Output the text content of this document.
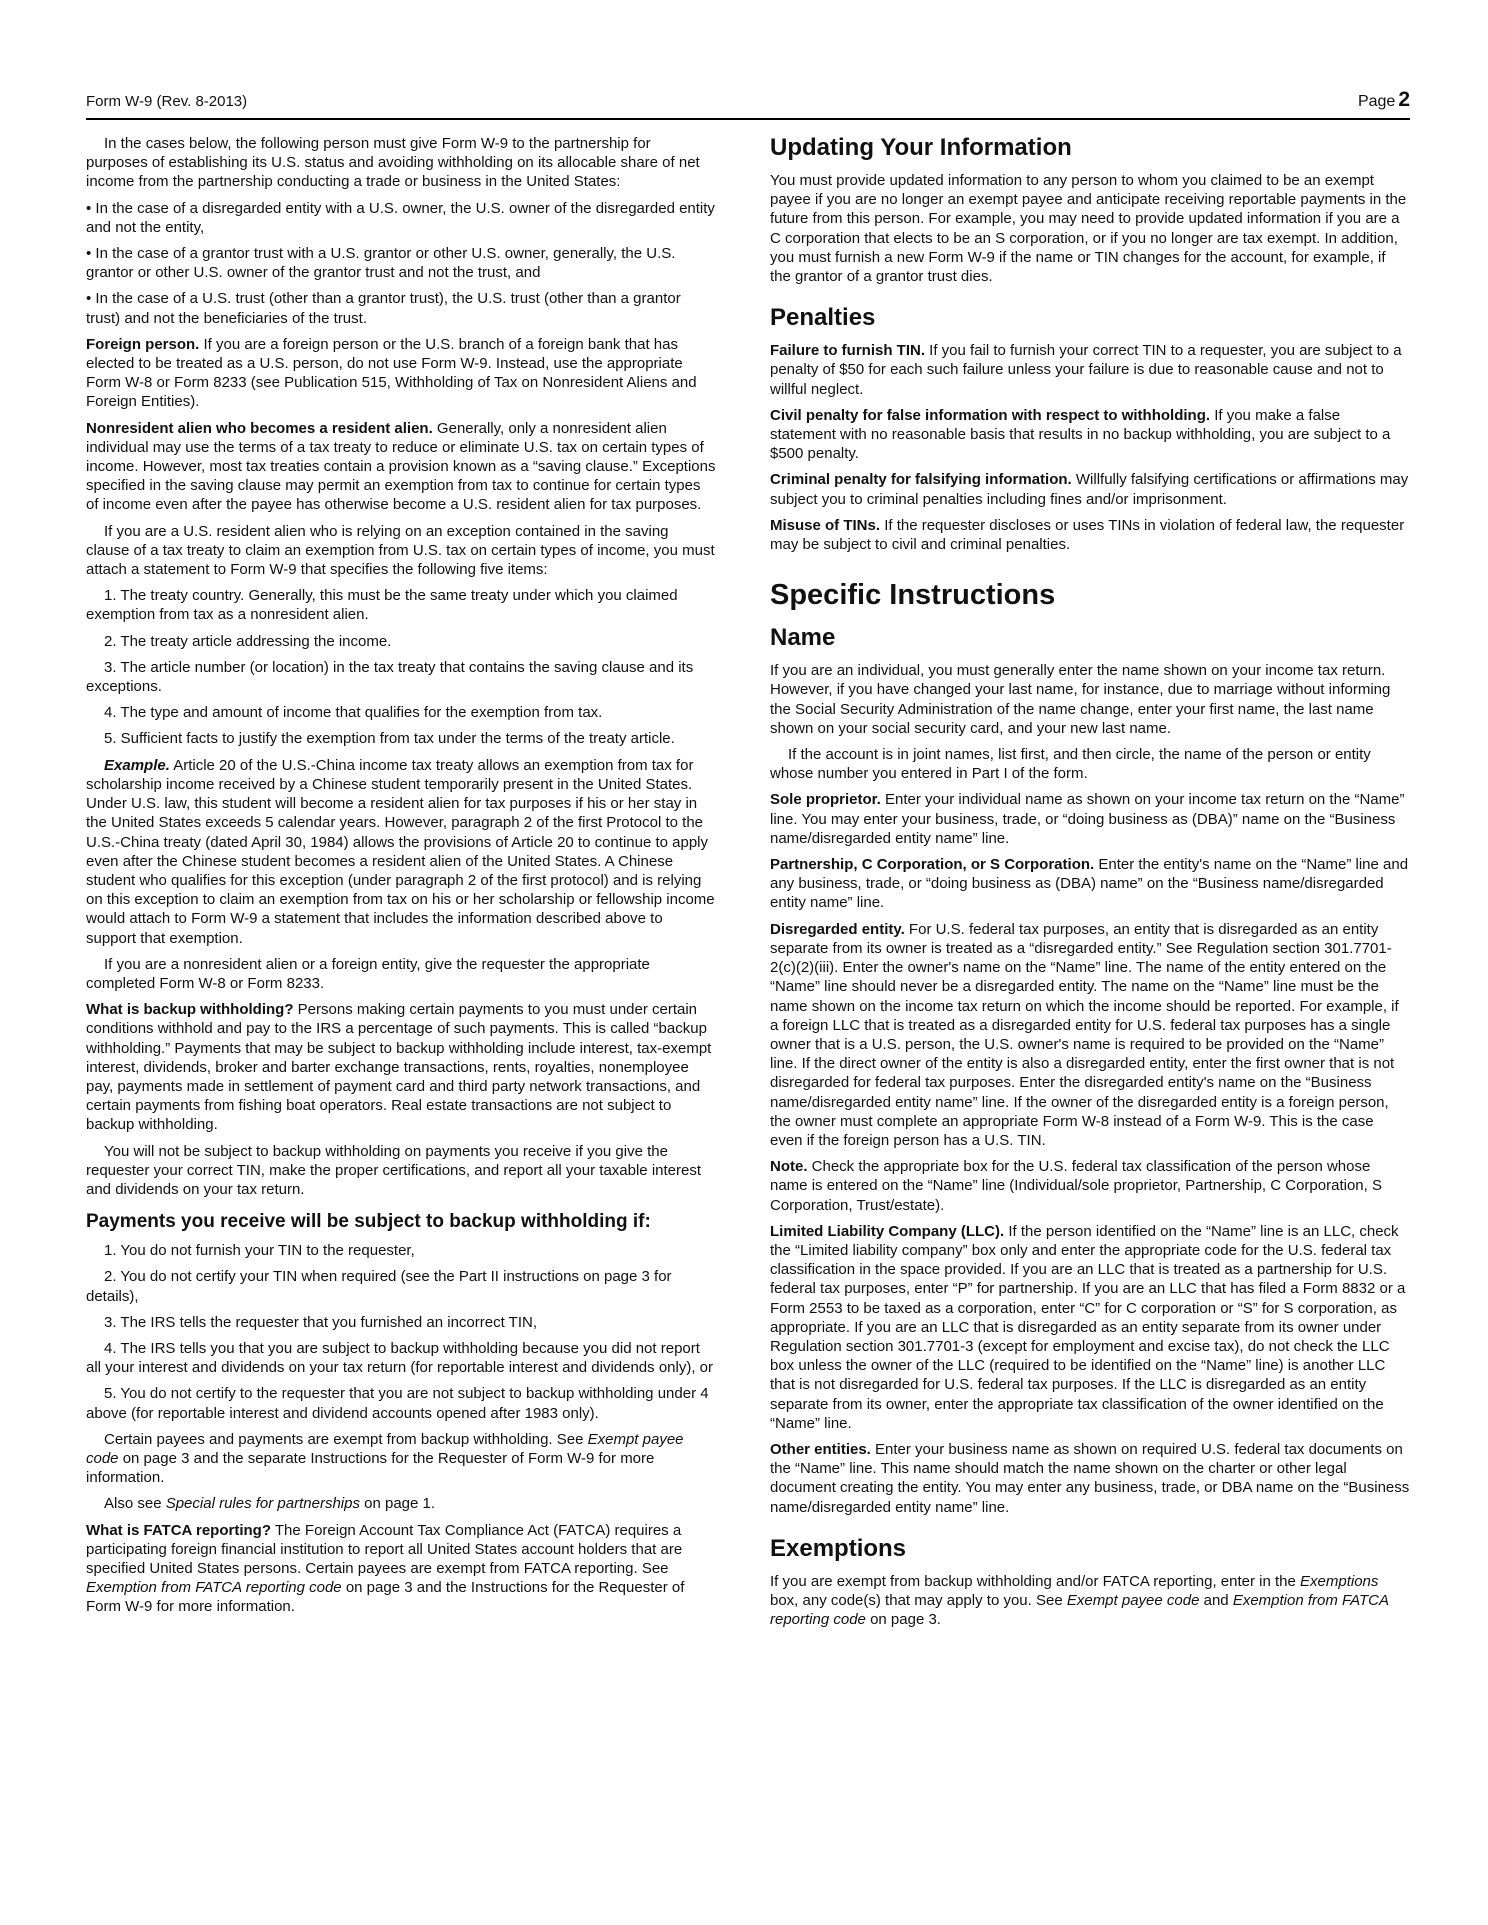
Form W-9 (Rev. 8-2013)	Page 2

In the cases below, the following person must give Form W-9 to the partnership for purposes of establishing its U.S. status and avoiding withholding on its allocable share of net income from the partnership conducting a trade or business in the United States:

• In the case of a disregarded entity with a U.S. owner, the U.S. owner of the disregarded entity and not the entity,

• In the case of a grantor trust with a U.S. grantor or other U.S. owner, generally, the U.S. grantor or other U.S. owner of the grantor trust and not the trust, and

• In the case of a U.S. trust (other than a grantor trust), the U.S. trust (other than a grantor trust) and not the beneficiaries of the trust.

Foreign person. If you are a foreign person or the U.S. branch of a foreign bank that has elected to be treated as a U.S. person, do not use Form W-9. Instead, use the appropriate Form W-8 or Form 8233 (see Publication 515, Withholding of Tax on Nonresident Aliens and Foreign Entities).

Nonresident alien who becomes a resident alien. Generally, only a nonresident alien individual may use the terms of a tax treaty to reduce or eliminate U.S. tax on certain types of income. However, most tax treaties contain a provision known as a “saving clause.” Exceptions specified in the saving clause may permit an exemption from tax to continue for certain types of income even after the payee has otherwise become a U.S. resident alien for tax purposes.

If you are a U.S. resident alien who is relying on an exception contained in the saving clause of a tax treaty to claim an exemption from U.S. tax on certain types of income, you must attach a statement to Form W-9 that specifies the following five items:

1. The treaty country. Generally, this must be the same treaty under which you claimed exemption from tax as a nonresident alien.

2. The treaty article addressing the income.

3. The article number (or location) in the tax treaty that contains the saving clause and its exceptions.

4. The type and amount of income that qualifies for the exemption from tax.

5. Sufficient facts to justify the exemption from tax under the terms of the treaty article.

Example. Article 20 of the U.S.-China income tax treaty allows an exemption from tax for scholarship income received by a Chinese student temporarily present in the United States. Under U.S. law, this student will become a resident alien for tax purposes if his or her stay in the United States exceeds 5 calendar years. However, paragraph 2 of the first Protocol to the U.S.-China treaty (dated April 30, 1984) allows the provisions of Article 20 to continue to apply even after the Chinese student becomes a resident alien of the United States. A Chinese student who qualifies for this exception (under paragraph 2 of the first protocol) and is relying on this exception to claim an exemption from tax on his or her scholarship or fellowship income would attach to Form W-9 a statement that includes the information described above to support that exemption.

If you are a nonresident alien or a foreign entity, give the requester the appropriate completed Form W-8 or Form 8233.

What is backup withholding? Persons making certain payments to you must under certain conditions withhold and pay to the IRS a percentage of such payments. This is called “backup withholding.” Payments that may be subject to backup withholding include interest, tax-exempt interest, dividends, broker and barter exchange transactions, rents, royalties, nonemployee pay, payments made in settlement of payment card and third party network transactions, and certain payments from fishing boat operators. Real estate transactions are not subject to backup withholding.

You will not be subject to backup withholding on payments you receive if you give the requester your correct TIN, make the proper certifications, and report all your taxable interest and dividends on your tax return.

Payments you receive will be subject to backup withholding if:

1. You do not furnish your TIN to the requester,

2. You do not certify your TIN when required (see the Part II instructions on page 3 for details),

3. The IRS tells the requester that you furnished an incorrect TIN,

4. The IRS tells you that you are subject to backup withholding because you did not report all your interest and dividends on your tax return (for reportable interest and dividends only), or

5. You do not certify to the requester that you are not subject to backup withholding under 4 above (for reportable interest and dividend accounts opened after 1983 only).

Certain payees and payments are exempt from backup withholding. See Exempt payee code on page 3 and the separate Instructions for the Requester of Form W-9 for more information.

Also see Special rules for partnerships on page 1.

What is FATCA reporting? The Foreign Account Tax Compliance Act (FATCA) requires a participating foreign financial institution to report all United States account holders that are specified United States persons. Certain payees are exempt from FATCA reporting. See Exemption from FATCA reporting code on page 3 and the Instructions for the Requester of Form W-9 for more information.

Updating Your Information

You must provide updated information to any person to whom you claimed to be an exempt payee if you are no longer an exempt payee and anticipate receiving reportable payments in the future from this person. For example, you may need to provide updated information if you are a C corporation that elects to be an S corporation, or if you no longer are tax exempt. In addition, you must furnish a new Form W-9 if the name or TIN changes for the account, for example, if the grantor of a grantor trust dies.

Penalties

Failure to furnish TIN. If you fail to furnish your correct TIN to a requester, you are subject to a penalty of $50 for each such failure unless your failure is due to reasonable cause and not to willful neglect.

Civil penalty for false information with respect to withholding. If you make a false statement with no reasonable basis that results in no backup withholding, you are subject to a $500 penalty.

Criminal penalty for falsifying information. Willfully falsifying certifications or affirmations may subject you to criminal penalties including fines and/or imprisonment.

Misuse of TINs. If the requester discloses or uses TINs in violation of federal law, the requester may be subject to civil and criminal penalties.

Specific Instructions
Name

If you are an individual, you must generally enter the name shown on your income tax return. However, if you have changed your last name, for instance, due to marriage without informing the Social Security Administration of the name change, enter your first name, the last name shown on your social security card, and your new last name.

If the account is in joint names, list first, and then circle, the name of the person or entity whose number you entered in Part I of the form.

Sole proprietor. Enter your individual name as shown on your income tax return on the “Name” line. You may enter your business, trade, or “doing business as (DBA)” name on the “Business name/disregarded entity name” line.

Partnership, C Corporation, or S Corporation. Enter the entity's name on the “Name” line and any business, trade, or “doing business as (DBA) name” on the “Business name/disregarded entity name” line.

Disregarded entity. For U.S. federal tax purposes, an entity that is disregarded as an entity separate from its owner is treated as a “disregarded entity.” See Regulation section 301.7701-2(c)(2)(iii). Enter the owner's name on the “Name” line. The name of the entity entered on the “Name” line should never be a disregarded entity. The name on the “Name” line must be the name shown on the income tax return on which the income should be reported. For example, if a foreign LLC that is treated as a disregarded entity for U.S. federal tax purposes has a single owner that is a U.S. person, the U.S. owner's name is required to be provided on the “Name” line. If the direct owner of the entity is also a disregarded entity, enter the first owner that is not disregarded for federal tax purposes. Enter the disregarded entity's name on the “Business name/disregarded entity name” line. If the owner of the disregarded entity is a foreign person, the owner must complete an appropriate Form W-8 instead of a Form W-9. This is the case even if the foreign person has a U.S. TIN.

Note. Check the appropriate box for the U.S. federal tax classification of the person whose name is entered on the “Name” line (Individual/sole proprietor, Partnership, C Corporation, S Corporation, Trust/estate).

Limited Liability Company (LLC). If the person identified on the “Name” line is an LLC, check the “Limited liability company” box only and enter the appropriate code for the U.S. federal tax classification in the space provided. If you are an LLC that is treated as a partnership for U.S. federal tax purposes, enter “P” for partnership. If you are an LLC that has filed a Form 8832 or a Form 2553 to be taxed as a corporation, enter “C” for C corporation or “S” for S corporation, as appropriate. If you are an LLC that is disregarded as an entity separate from its owner under Regulation section 301.7701-3 (except for employment and excise tax), do not check the LLC box unless the owner of the LLC (required to be identified on the “Name” line) is another LLC that is not disregarded for U.S. federal tax purposes. If the LLC is disregarded as an entity separate from its owner, enter the appropriate tax classification of the owner identified on the “Name” line.

Other entities. Enter your business name as shown on required U.S. federal tax documents on the “Name” line. This name should match the name shown on the charter or other legal document creating the entity. You may enter any business, trade, or DBA name on the “Business name/disregarded entity name” line.

Exemptions

If you are exempt from backup withholding and/or FATCA reporting, enter in the Exemptions box, any code(s) that may apply to you. See Exempt payee code and Exemption from FATCA reporting code on page 3.
